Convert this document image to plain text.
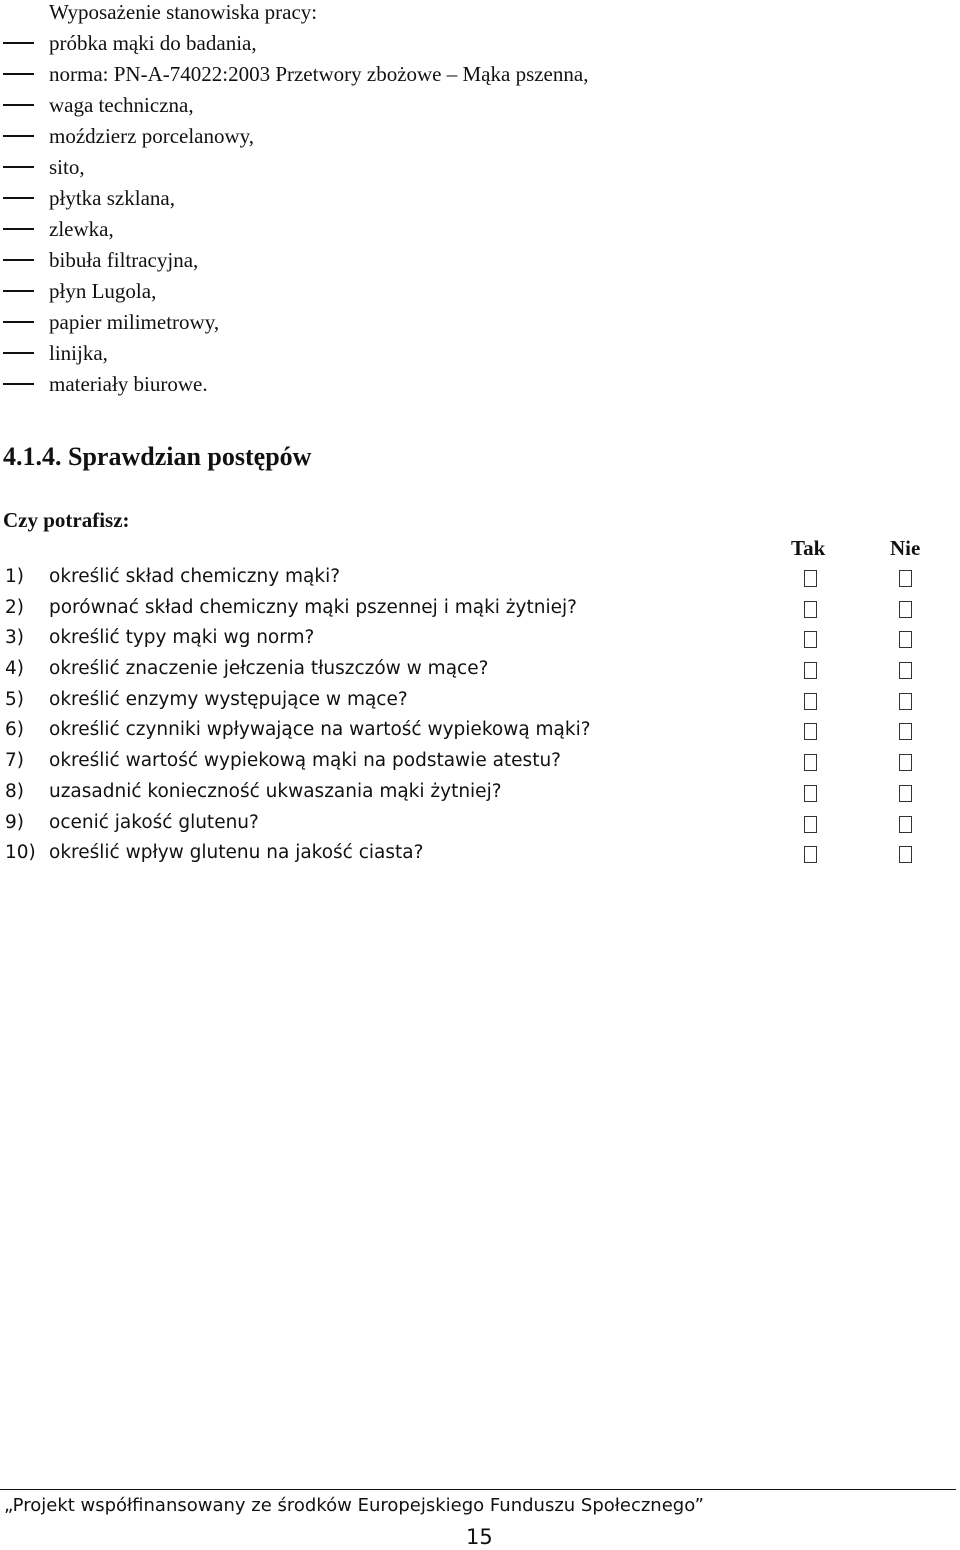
Wyposażenie stanowiska pracy:
próbka mąki do badania,
norma: PN-A-74022:2003 Przetwory zbożowe – Mąka pszenna,
waga techniczna,
moździerz porcelanowy,
sito,
płytka szklana,
zlewka,
bibuła filtracyjna,
płyn Lugola,
papier milimetrowy,
linijka,
materiały biurowe.
4.1.4. Sprawdzian postępów
Czy potrafisz:
Tak	Nie
1) określić skład chemiczny mąki?
2) porównać skład chemiczny mąki pszennej i mąki żytniej?
3) określić typy mąki wg norm?
4) określić znaczenie jełczenia tłuszczów w mące?
5) określić enzymy występujące w mące?
6) określić czynniki wpływające na wartość wypiekową mąki?
7) określić wartość wypiekową mąki na podstawie atestu?
8) uzasadnić konieczność ukwaszania mąki żytniej?
9) ocenić jakość glutenu?
10) określić wpływ glutenu na jakość ciasta?
„Projekt współfinansowany ze środków Europejskiego Funduszu Społecznego”
15
